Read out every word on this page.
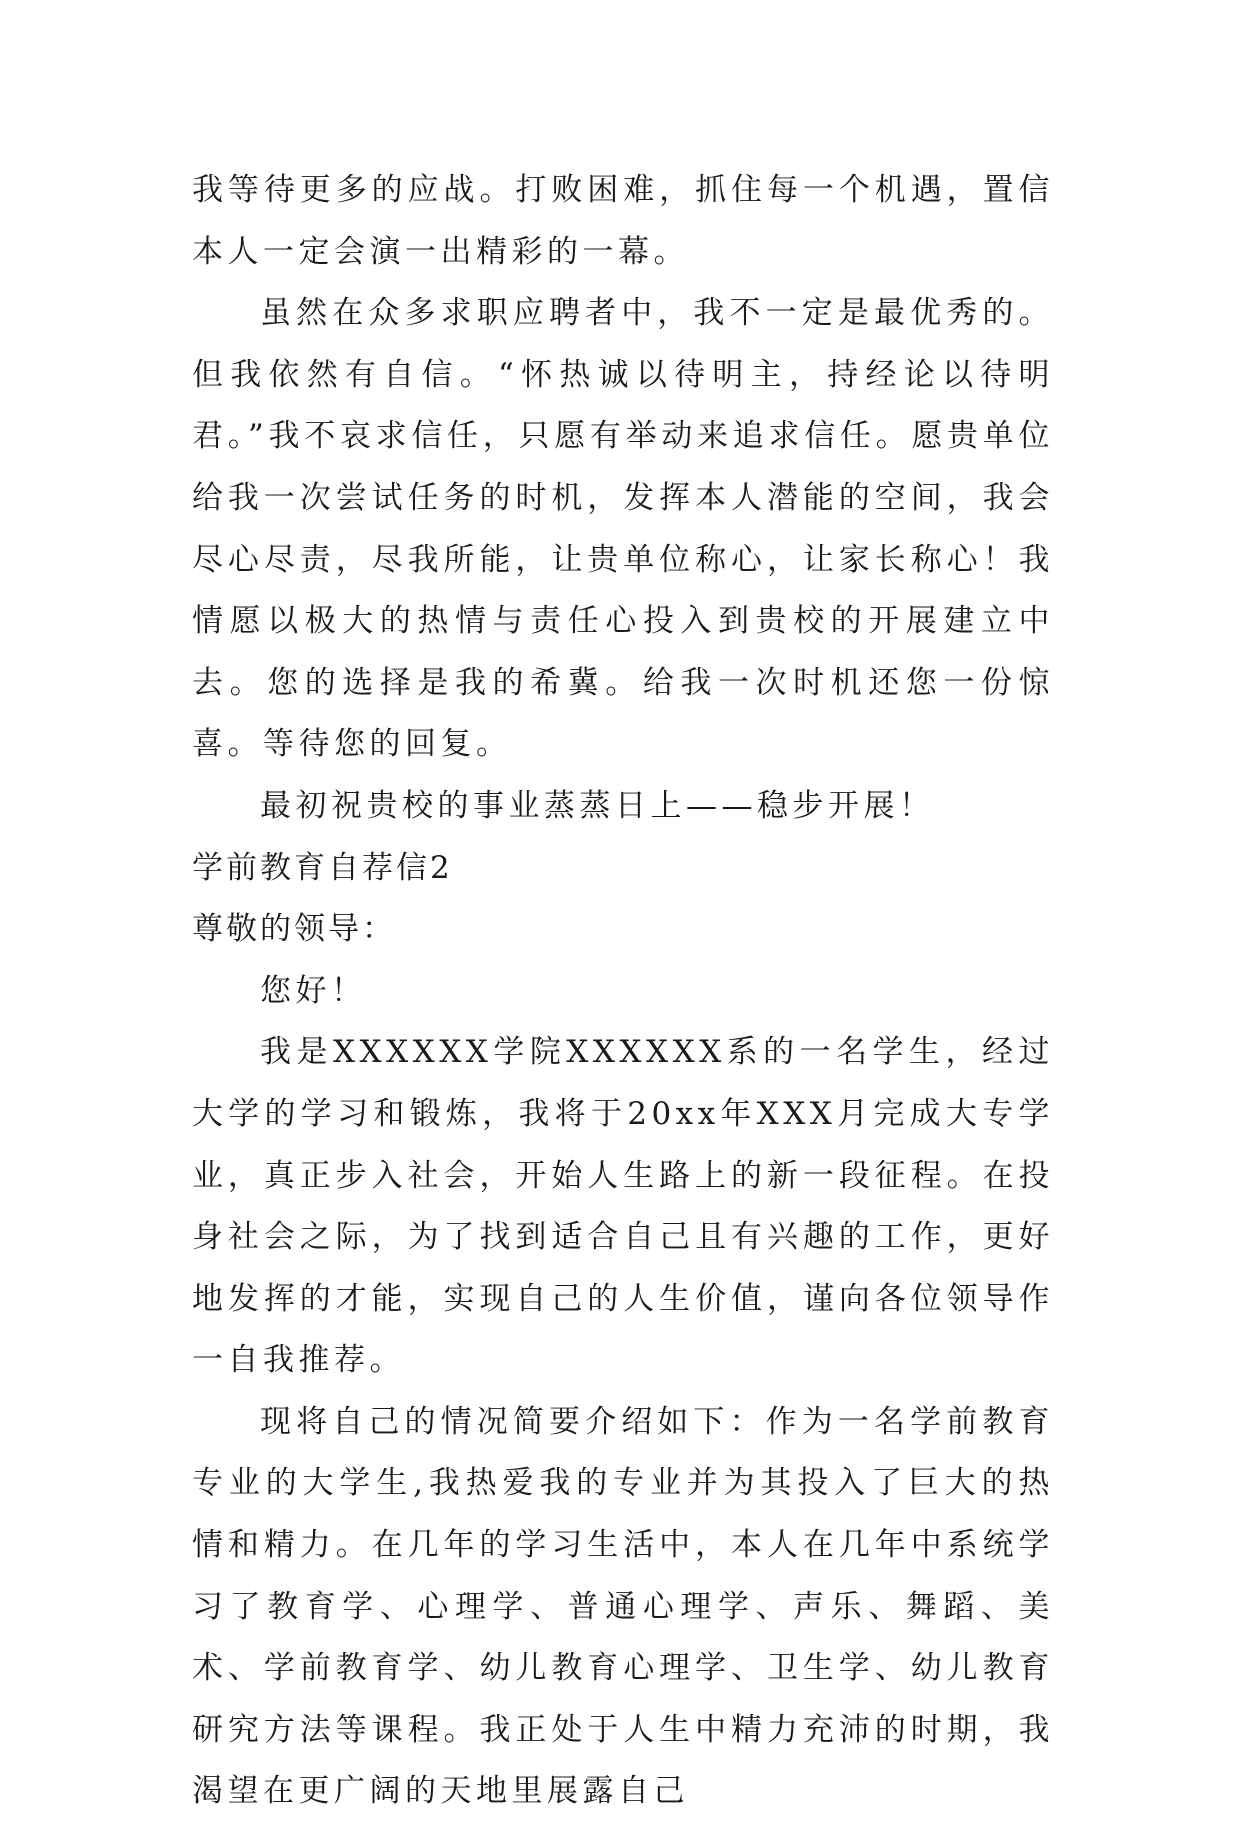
我等待更多的应战。打败困难，抓住每一个机遇，置信本人一定会演一出精彩的一幕。

虽然在众多求职应聘者中，我不一定是最优秀的。但我依然有自信。“怀热诚以待明主，持经论以待明君。”我不哀求信任，只愿有举动来追求信任。愿贵单位给我一次尝试任务的时机，发挥本人潜能的空间，我会尽心尽责，尽我所能，让贵单位称心，让家长称心！我情愿以极大的热情与责任心投入到贵校的开展建立中去。您的选择是我的希冀。给我一次时机还您一份惊喜。等待您的回复。

最初祝贵校的事业蒸蒸日上——稳步开展！

学前教育自荐信2

尊敬的领导：

您好！

我是XXXXXX学院XXXXXX系的一名学生，经过大学的学习和锻炼，我将于20xx年XXX月完成大专学业，真正步入社会，开始人生路上的新一段征程。在投身社会之际，为了找到适合自己且有兴趣的工作，更好地发挥的才能，实现自己的人生价值，谨向各位领导作一自我推荐。

现将自己的情况简要介绍如下：作为一名学前教育专业的大学生,我热爱我的专业并为其投入了巨大的热情和精力。在几年的学习生活中，本人在几年中系统学习了教育学、心理学、普通心理学、声乐、舞蹈、美术、学前教育学、幼儿教育心理学、卫生学、幼儿教育研究方法等课程。我正处于人生中精力充沛的时期，我渴望在更广阔的天地里展露自己
